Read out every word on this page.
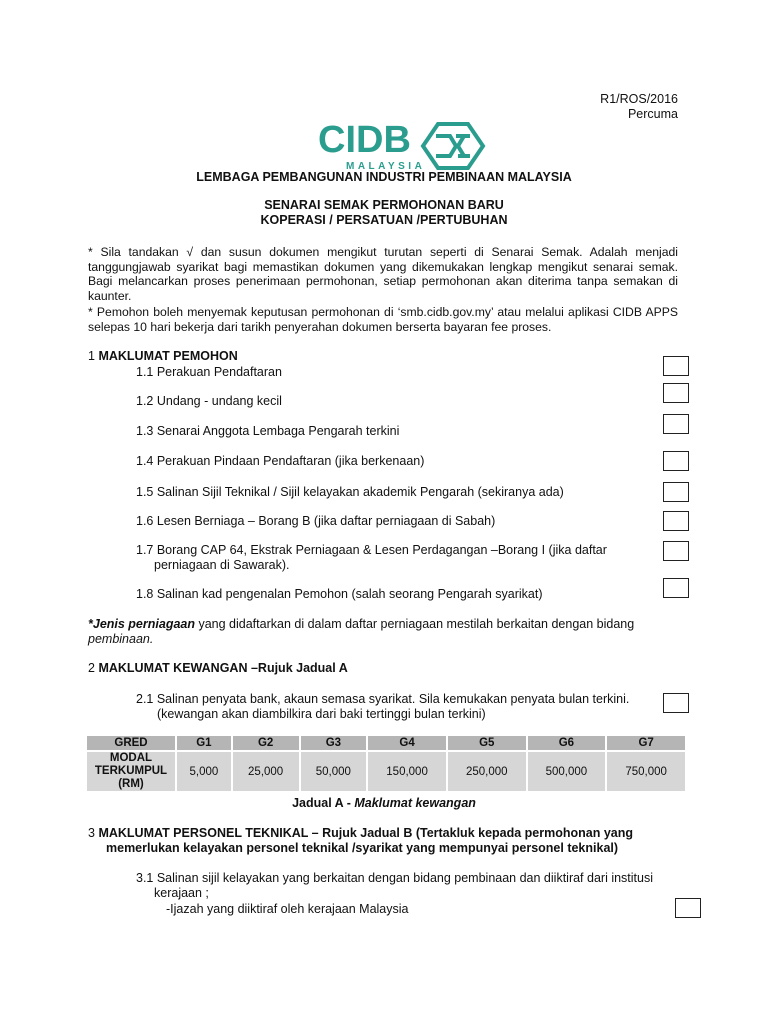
R1/ROS/2016
Percuma
CIDB
MALAYSIA
LEMBAGA PEMBANGUNAN INDUSTRI PEMBINAAN MALAYSIA
SENARAI SEMAK PERMOHONAN BARU
KOPERASI / PERSATUAN /PERTUBUHAN
* Sila tandakan √ dan susun dokumen mengikut turutan seperti di Senarai Semak. Adalah menjadi tanggungjawab syarikat bagi memastikan dokumen yang dikemukakan lengkap mengikut senarai semak. Bagi melancarkan proses penerimaan permohonan, setiap permohonan akan diterima tanpa semakan di kaunter.
* Pemohon boleh menyemak keputusan permohonan di ‘smb.cidb.gov.my’ atau melalui aplikasi CIDB APPS selepas 10 hari bekerja dari tarikh penyerahan dokumen berserta bayaran fee proses.
1 MAKLUMAT PEMOHON
1.1 Perakuan Pendaftaran
1.2 Undang - undang kecil
1.3 Senarai Anggota Lembaga Pengarah terkini
1.4 Perakuan Pindaan Pendaftaran (jika berkenaan)
1.5 Salinan Sijil Teknikal / Sijil kelayakan akademik Pengarah (sekiranya ada)
1.6 Lesen Berniaga – Borang B (jika daftar perniagaan di Sabah)
1.7 Borang CAP 64, Ekstrak Perniagaan & Lesen Perdagangan –Borang I (jika daftar
perniagaan di Sawarak).
1.8 Salinan kad pengenalan Pemohon (salah seorang Pengarah syarikat)
*Jenis perniagaan yang didaftarkan di dalam daftar perniagaan mestilah berkaitan dengan bidang
pembinaan.
2 MAKLUMAT KEWANGAN –Rujuk Jadual A
2.1 Salinan penyata bank, akaun semasa syarikat. Sila kemukakan penyata bulan terkini.
(kewangan akan diambilkira dari baki tertinggi bulan terkini)
GRED	G1	G2	G3	G4	G5	G6	G7
MODAL
TERKUMPUL
(RM)	5,000	25,000	50,000	150,000	250,000	500,000	750,000
Jadual A - Maklumat kewangan
3 MAKLUMAT PERSONEL TEKNIKAL – Rujuk Jadual B (Tertakluk kepada permohonan yang
memerlukan kelayakan personel teknikal /syarikat yang mempunyai personel teknikal)
3.1 Salinan sijil kelayakan yang berkaitan dengan bidang pembinaan dan diiktiraf dari institusi
kerajaan ;
-Ijazah yang diiktiraf oleh kerajaan Malaysia
